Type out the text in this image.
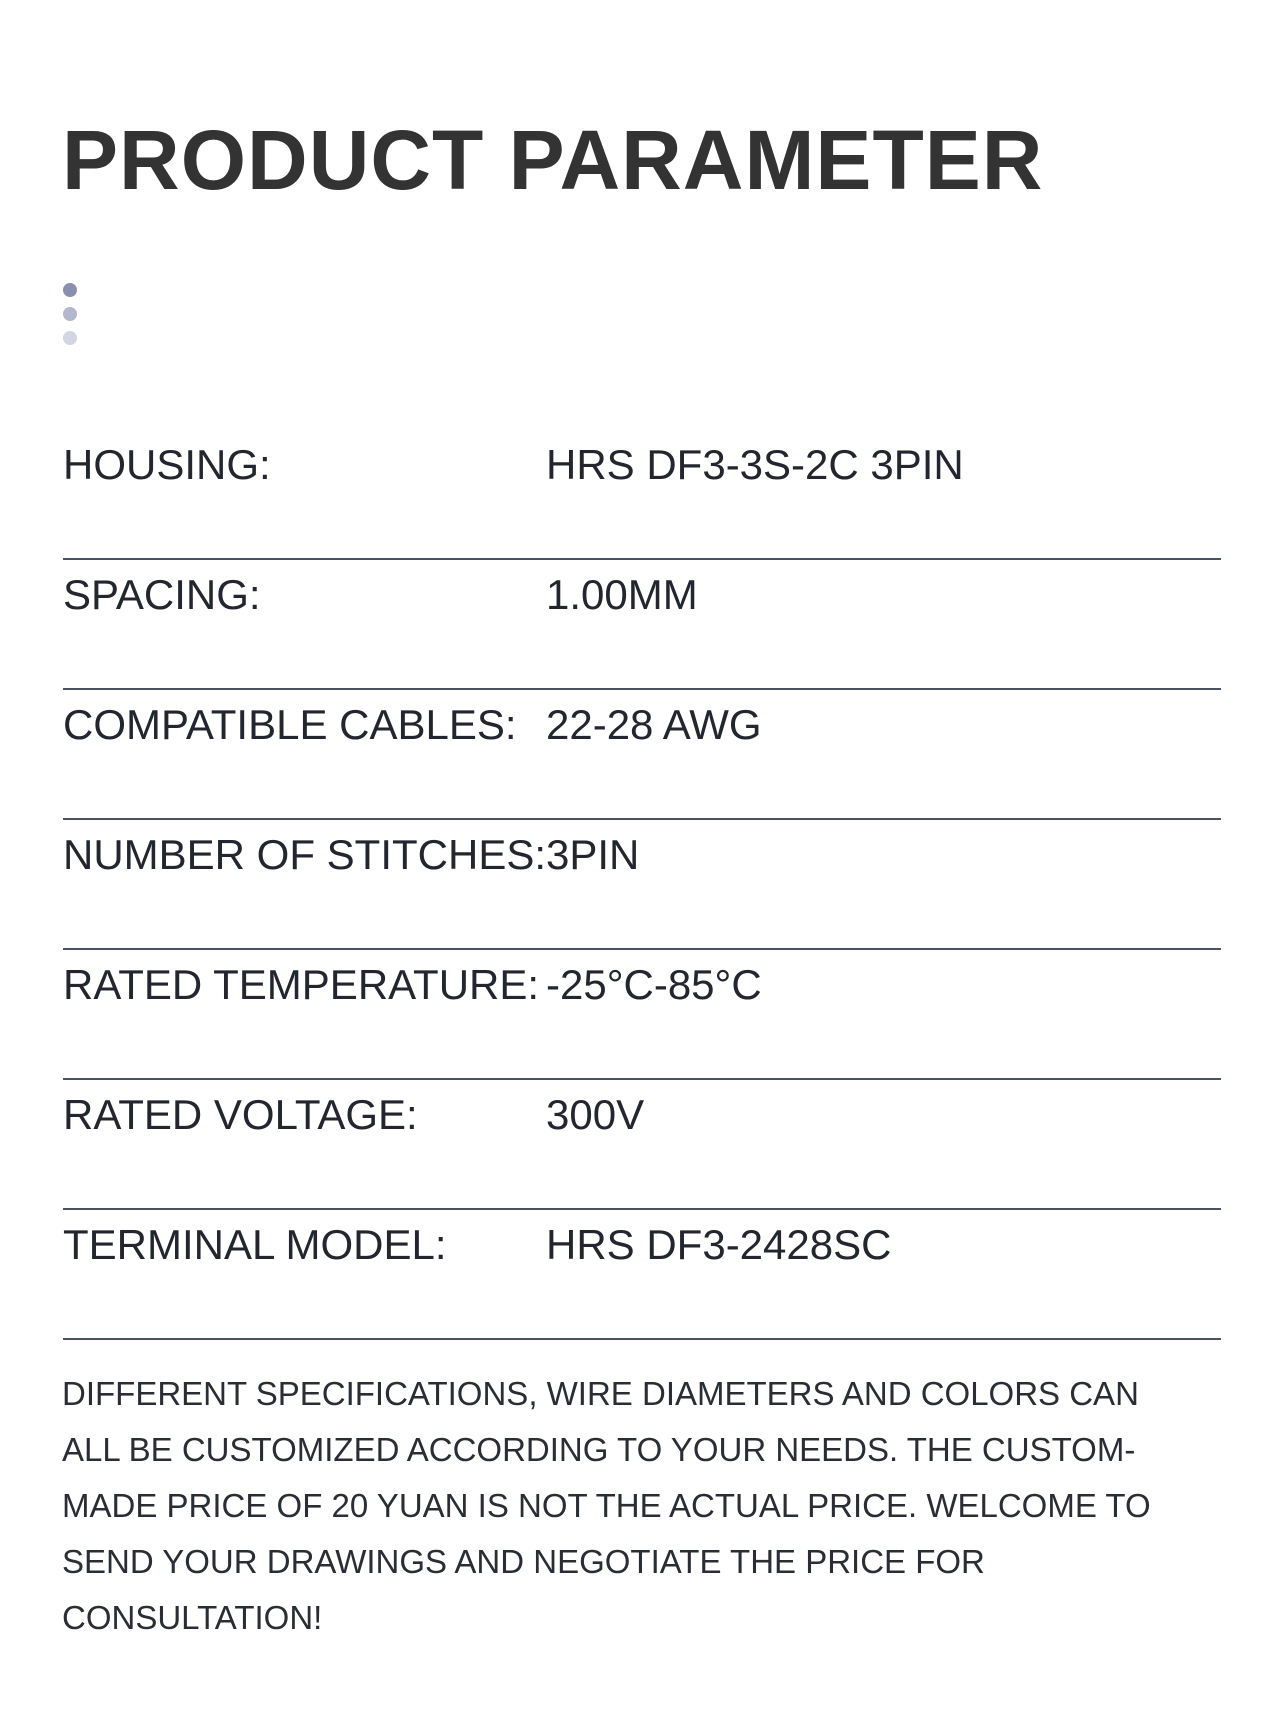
PRODUCT PARAMETER
HOUSING:	HRS DF3-3S-2C 3PIN
SPACING:	1.00MM
COMPATIBLE CABLES: 22-28 AWG
NUMBER OF STITCHES: 3PIN
RATED TEMPERATURE: -25°C-85°C
RATED VOLTAGE:	300V
TERMINAL MODEL: HRS DF3-2428SC

DIFFERENT SPECIFICATIONS, WIRE DIAMETERS AND COLORS CAN ALL BE CUSTOMIZED ACCORDING TO YOUR NEEDS. THE CUSTOM-MADE PRICE OF 20 YUAN IS NOT THE ACTUAL PRICE. WELCOME TO SEND YOUR DRAWINGS AND NEGOTIATE THE PRICE FOR CONSULTATION!
